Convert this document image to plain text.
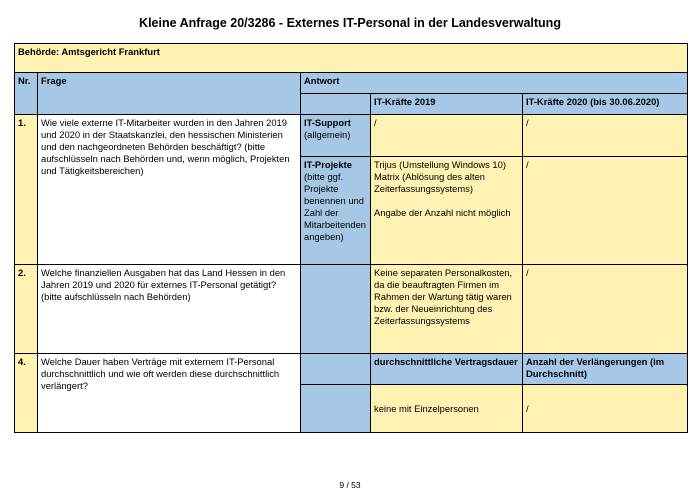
Kleine Anfrage 20/3286 - Externes IT-Personal in der Landesverwaltung
Behörde: Amtsgericht Frankfurt				
Nr.	Frage	Antwort		
			IT-Kräfte 2019	IT-Kräfte 2020 (bis 30.06.2020)
1.	Wie viele externe IT-Mitarbeiter wurden in den Jahren 2019 und 2020 in der Staatskanzlei, den hessischen Ministerien und den nachgeordneten Behörden beschäftigt? (bitte aufschlüsseln nach Behörden und, wenn möglich, Projekten und Tätigkeitsbereichen)	IT-Support
(allgemein)	/	/
		IT-Projekte
(bitte ggf. Projekte benennen und Zahl der Mitarbeitenden angeben)	Trijus (Umstellung Windows 10)
Matrix (Ablösung des alten Zeiterfassungssystems)
Angabe der Anzahl nicht möglich	/
2.	Welche finanziellen Ausgaben hat das Land Hessen in den Jahren 2019 und 2020 für externes IT-Personal getätigt? (bitte aufschlüsseln nach Behörden)		Keine separaten Personalkosten, da die beauftragten Firmen im Rahmen der Wartung tätig waren bzw. der Neueinrichtung des Zeiterfassungssystems	/
4.	Welche Dauer haben Verträge mit externem IT-Personal durchschnittlich und wie oft werden diese durchschnittlich verlängert?		durchschnittliche Vertragsdauer	Anzahl der Verlängerungen (im Durchschnitt)
			keine mit Einzelpersonen	/
9 / 53
